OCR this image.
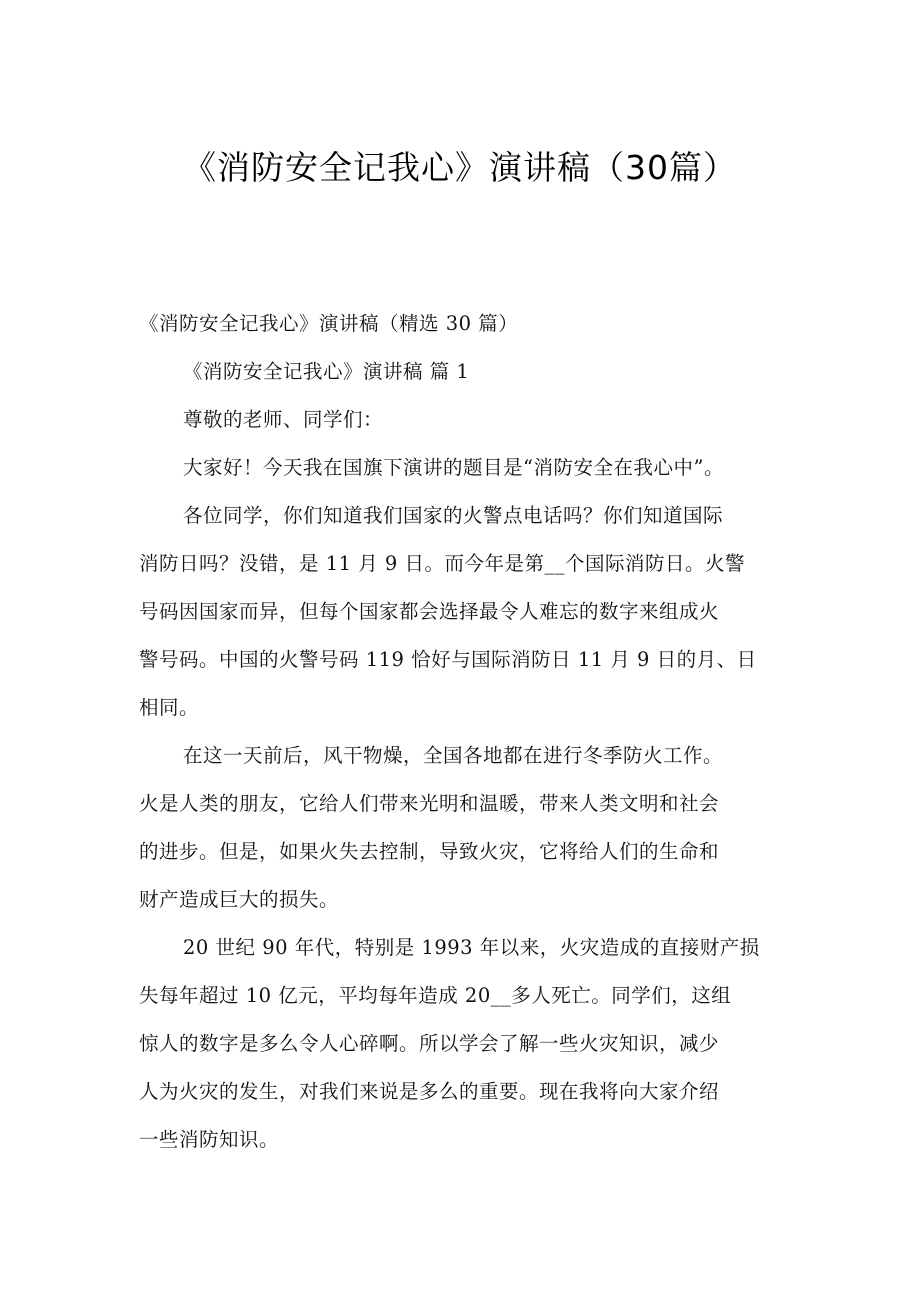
《消防安全记我心》演讲稿（30篇）
《消防安全记我心》演讲稿（精选 30 篇）
《消防安全记我心》演讲稿 篇 1
尊敬的老师、同学们：
大家好！今天我在国旗下演讲的题目是“消防安全在我心中”。
各位同学，你们知道我们国家的火警点电话吗？你们知道国际
消防日吗？没错，是 11 月 9 日。而今年是第__个国际消防日。火警
号码因国家而异，但每个国家都会选择最令人难忘的数字来组成火
警号码。中国的火警号码 119 恰好与国际消防日 11 月 9 日的月、日
相同。
在这一天前后，风干物燥，全国各地都在进行冬季防火工作。
火是人类的朋友，它给人们带来光明和温暖，带来人类文明和社会
的进步。但是，如果火失去控制，导致火灾，它将给人们的生命和
财产造成巨大的损失。
20 世纪 90 年代，特别是 1993 年以来，火灾造成的直接财产损
失每年超过 10 亿元，平均每年造成 20__多人死亡。同学们，这组
惊人的数字是多么令人心碎啊。所以学会了解一些火灾知识，减少
人为火灾的发生，对我们来说是多么的重要。现在我将向大家介绍
一些消防知识。
